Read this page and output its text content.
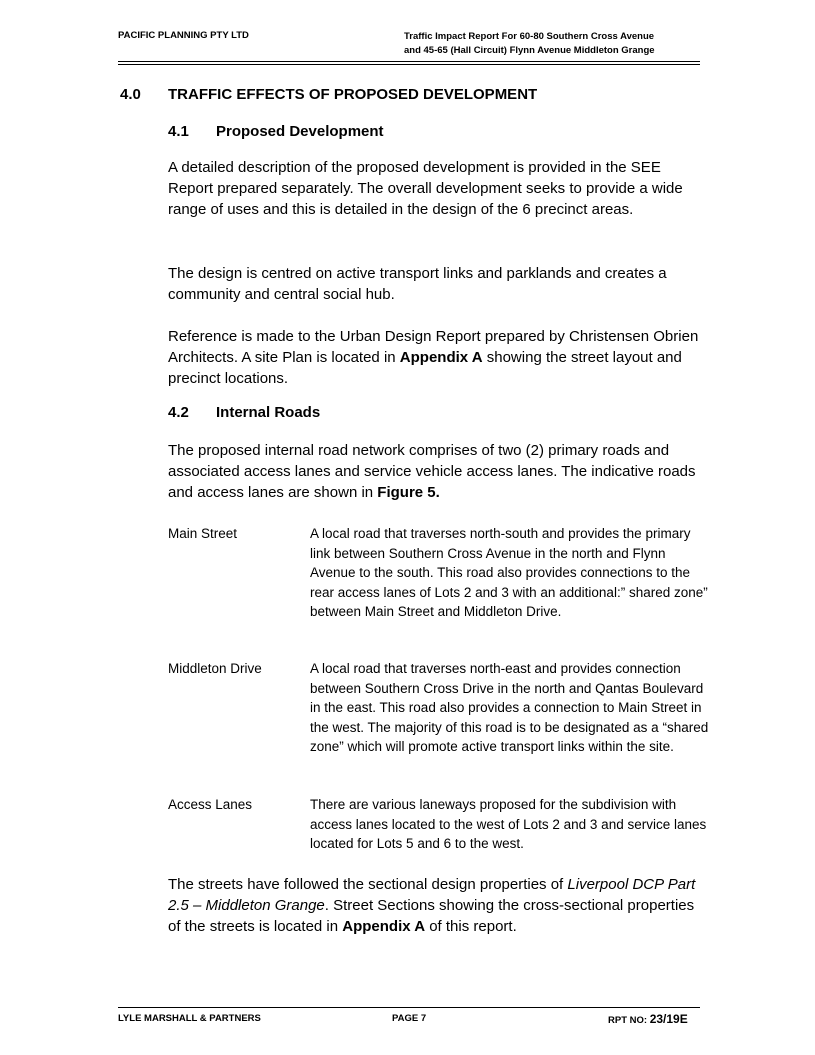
PACIFIC PLANNING PTY LTD	Traffic Impact Report For 60-80 Southern Cross Avenue
and 45-65 (Hall Circuit) Flynn Avenue Middleton Grange
4.0 TRAFFIC EFFECTS OF PROPOSED DEVELOPMENT
4.1 Proposed Development

A detailed description of the proposed development is provided in the SEE Report prepared separately. The overall development seeks to provide a wide range of uses and this is detailed in the design of the 6 precinct areas.

The design is centred on active transport links and parklands and creates a community and central social hub.

Reference is made to the Urban Design Report prepared by Christensen Obrien Architects. A site Plan is located in Appendix A showing the street layout and precinct locations.

4.2 Internal Roads

The proposed internal road network comprises of two (2) primary roads and associated access lanes and service vehicle access lanes. The indicative roads and access lanes are shown in Figure 5.

Main Street	A local road that traverses north-south and provides the primary link between Southern Cross Avenue in the north and Flynn Avenue to the south. This road also provides connections to the rear access lanes of Lots 2 and 3 with an additional:” shared zone” between Main Street and Middleton Drive.

Middleton Drive	A local road that traverses north-east and provides connection between Southern Cross Drive in the north and Qantas Boulevard in the east. This road also provides a connection to Main Street in the west. The majority of this road is to be designated as a “shared zone” which will promote active transport links within the site.

Access Lanes	There are various laneways proposed for the subdivision with access lanes located to the west of Lots 2 and 3 and service lanes located for Lots 5 and 6 to the west.

The streets have followed the sectional design properties of Liverpool DCP Part 2.5 – Middleton Grange. Street Sections showing the cross-sectional properties of the streets is located in Appendix A of this report.

LYLE MARSHALL & PARTNERS	PAGE 7	RPT NO: 23/19E
